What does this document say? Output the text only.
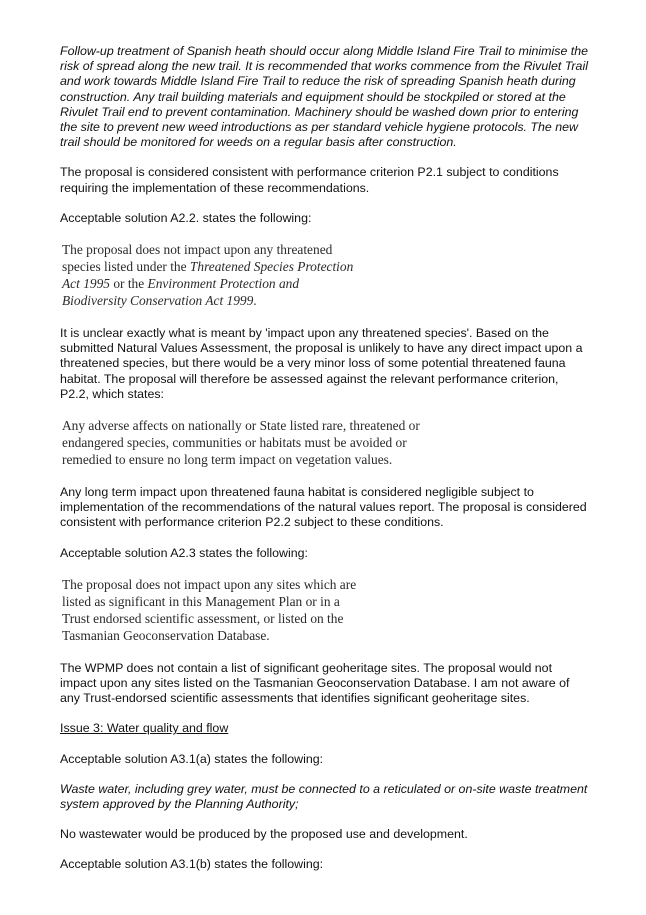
Follow-up treatment of Spanish heath should occur along Middle Island Fire Trail to minimise the risk of spread along the new trail. It is recommended that works commence from the Rivulet Trail and work towards Middle Island Fire Trail to reduce the risk of spreading Spanish heath during construction. Any trail building materials and equipment should be stockpiled or stored at the Rivulet Trail end to prevent contamination. Machinery should be washed down prior to entering the site to prevent new weed introductions as per standard vehicle hygiene protocols. The new trail should be monitored for weeds on a regular basis after construction.

The proposal is considered consistent with performance criterion P2.1 subject to conditions requiring the implementation of these recommendations.

Acceptable solution A2.2. states the following:

The proposal does not impact upon any threatened species listed under the Threatened Species Protection Act 1995 or the Environment Protection and Biodiversity Conservation Act 1999.

It is unclear exactly what is meant by 'impact upon any threatened species'. Based on the submitted Natural Values Assessment, the proposal is unlikely to have any direct impact upon a threatened species, but there would be a very minor loss of some potential threatened fauna habitat. The proposal will therefore be assessed against the relevant performance criterion, P2.2, which states:

Any adverse affects on nationally or State listed rare, threatened or endangered species, communities or habitats must be avoided or remedied to ensure no long term impact on vegetation values.

Any long term impact upon threatened fauna habitat is considered negligible subject to implementation of the recommendations of the natural values report. The proposal is considered consistent with performance criterion P2.2 subject to these conditions.

Acceptable solution A2.3 states the following:

The proposal does not impact upon any sites which are listed as significant in this Management Plan or in a Trust endorsed scientific assessment, or listed on the Tasmanian Geoconservation Database.

The WPMP does not contain a list of significant geoheritage sites. The proposal would not impact upon any sites listed on the Tasmanian Geoconservation Database. I am not aware of any Trust-endorsed scientific assessments that identifies significant geoheritage sites.

Issue 3: Water quality and flow

Acceptable solution A3.1(a) states the following:

Waste water, including grey water, must be connected to a reticulated or on-site waste treatment system approved by the Planning Authority;

No wastewater would be produced by the proposed use and development.

Acceptable solution A3.1(b) states the following:
